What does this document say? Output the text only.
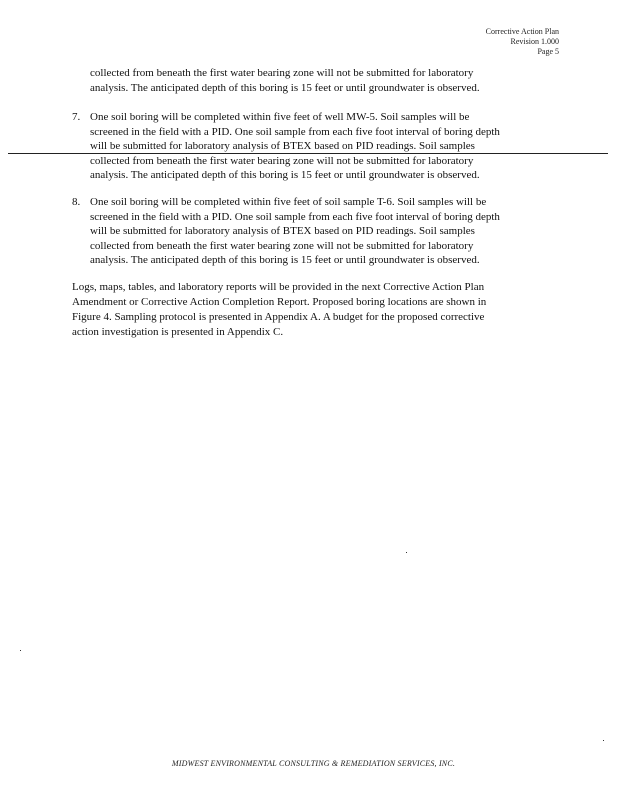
Corrective Action Plan
Revision 1.000
Page 5
collected from beneath the first water bearing zone will not be submitted for laboratory
analysis. The anticipated depth of this boring is 15 feet or until groundwater is observed.
7. One soil boring will be completed within five feet of well MW-5. Soil samples will be
screened in the field with a PID. One soil sample from each five foot interval of boring depth
will be submitted for laboratory analysis of BTEX based on PID readings. Soil samples
collected from beneath the first water bearing zone will not be submitted for laboratory
analysis. The anticipated depth of this boring is 15 feet or until groundwater is observed.
8. One soil boring will be completed within five feet of soil sample T-6. Soil samples will be
screened in the field with a PID. One soil sample from each five foot interval of boring depth
will be submitted for laboratory analysis of BTEX based on PID readings. Soil samples
collected from beneath the first water bearing zone will not be submitted for laboratory
analysis. The anticipated depth of this boring is 15 feet or until groundwater is observed.
Logs, maps, tables, and laboratory reports will be provided in the next Corrective Action Plan
Amendment or Corrective Action Completion Report. Proposed boring locations are shown in
Figure 4. Sampling protocol is presented in Appendix A. A budget for the proposed corrective
action investigation is presented in Appendix C.
MIDWEST ENVIRONMENTAL CONSULTING & REMEDIATION SERVICES, INC.
